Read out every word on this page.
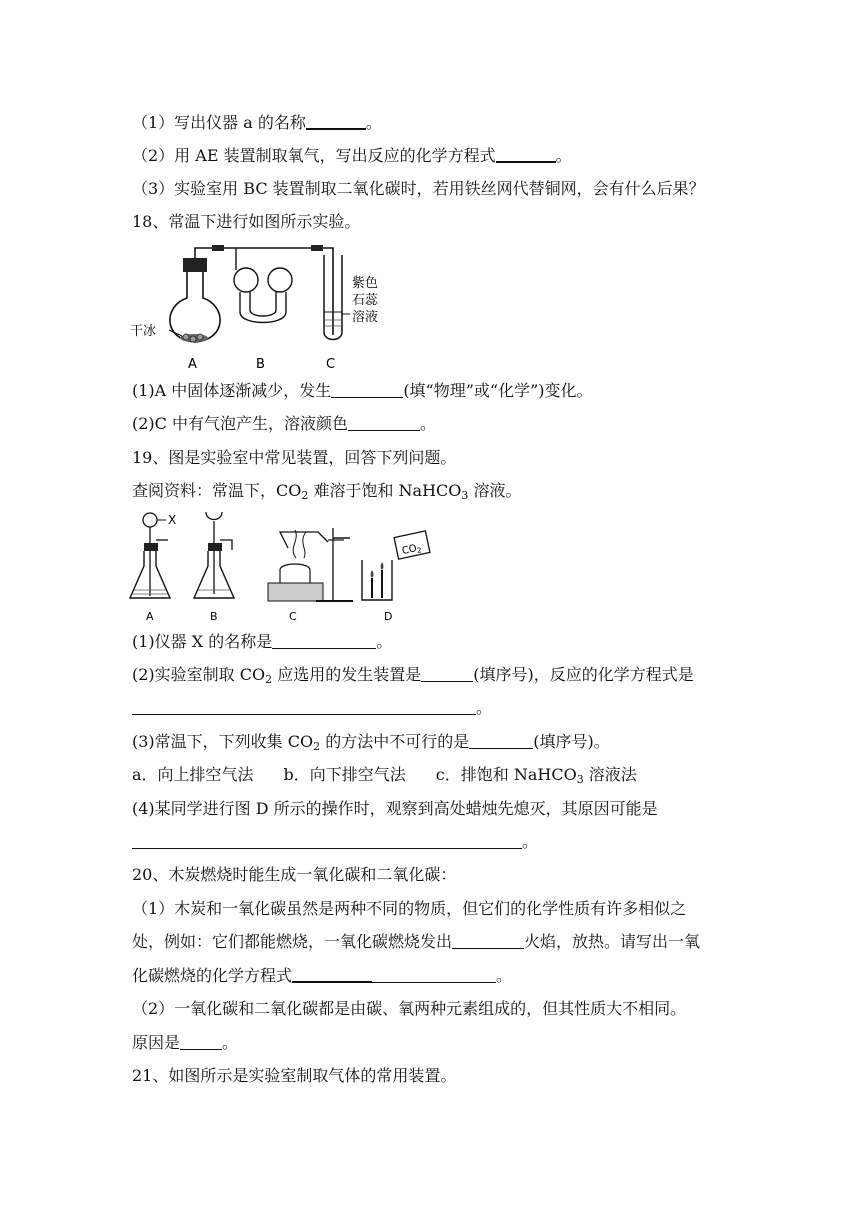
（1）写出仪器 a 的名称	。
（2）用 AE 装置制取氧气，写出反应的化学方程式	。
（3）实验室用 BC 装置制取二氧化碳时，若用铁丝网代替铜网，会有什么后果？
18、常温下进行如图所示实验。
干冰
紫色
石蕊
溶液
A	B	C
(1)A 中固体逐渐减少，发生	(填“物理”或“化学”)变化。
(2)C 中有气泡产生，溶液颜色	。
19、图是实验室中常见装置，回答下列问题。
查阅资料：常温下，$CO_2$ 难溶于饱和 NaHCO$_3$ 溶液。
X
$CO_2$
A	B	C	D
(1)仪器 X 的名称是	。
(2)实验室制取 $CO_2$ 应选用的发生装置是	(填序号)，反应的化学方程式是
。
(3)常温下，下列收集 $CO_2$ 的方法中不可行的是	(填序号)。
a．向上排空气法 b．向下排空气法 c．排饱和 NaHCO$_3$ 溶液法
(4)某同学进行图 D 所示的操作时，观察到高处蜡烛先熄灭，其原因可能是
。
20、木炭燃烧时能生成一氧化碳和二氧化碳：
（1）木炭和一氧化碳虽然是两种不同的物质，但它们的化学性质有许多相似之
处，例如：它们都能燃烧，一氧化碳燃烧发出	火焰，放热。请写出一氧
化碳燃烧的化学方程式	。
（2）一氧化碳和二氧化碳都是由碳、氧两种元素组成的，但其性质大不相同。
原因是	。
21、如图所示是实验室制取气体的常用装置。
